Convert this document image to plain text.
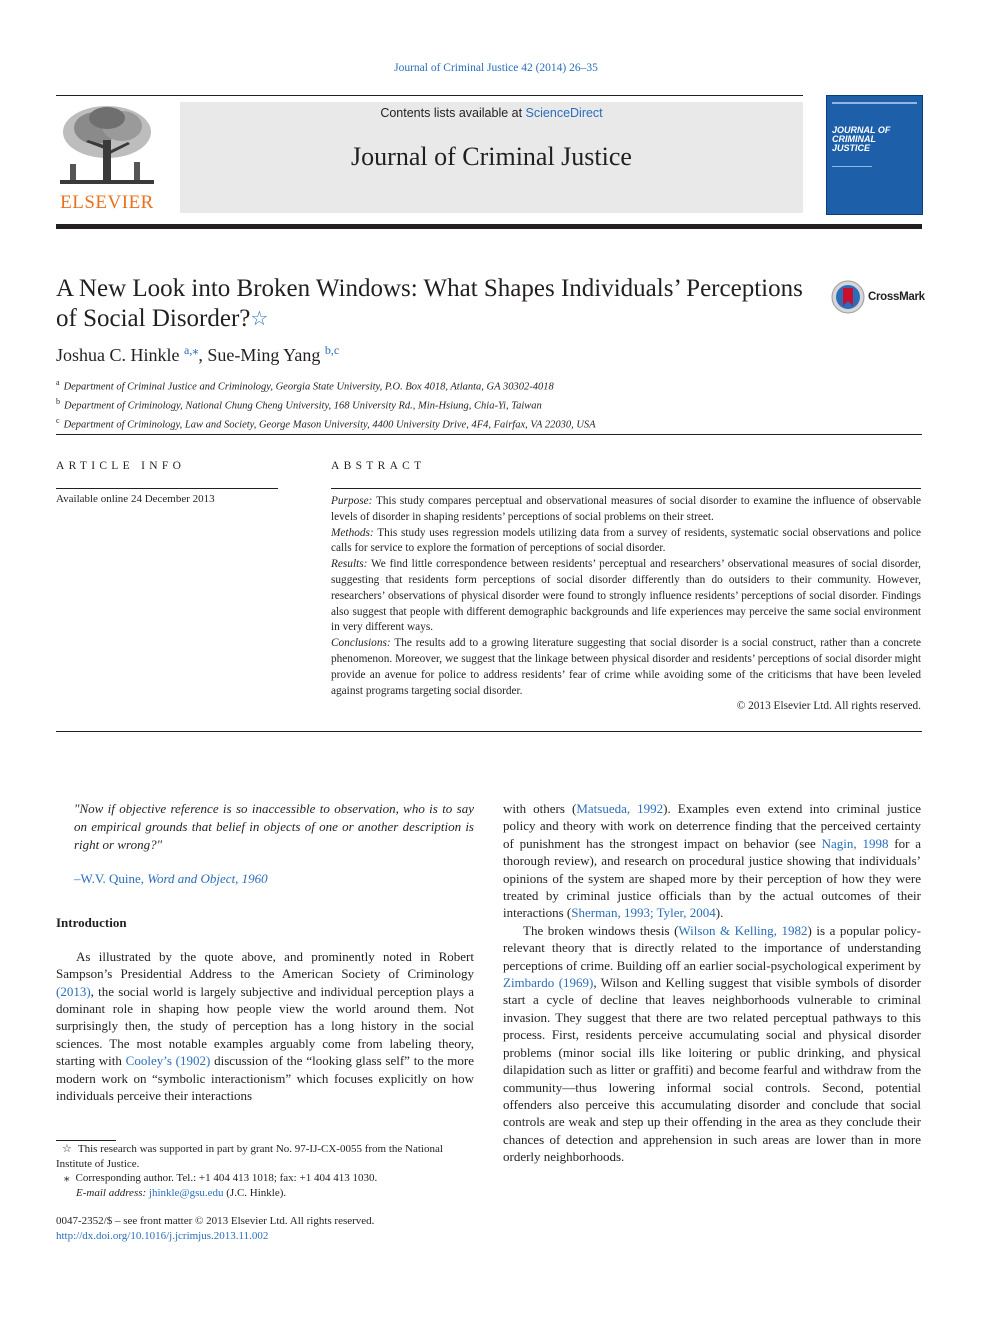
Journal of Criminal Justice 42 (2014) 26–35
ELSEVIER
Contents lists available at ScienceDirect
Journal of Criminal Justice
JOURNAL OF CRIMINAL JUSTICE
A New Look into Broken Windows: What Shapes Individuals’ Perceptions of Social Disorder?☆
CrossMark
Joshua C. Hinkle $^{a,⁎}$, Sue-Ming Yang $^{b,c}$
$^a$ Department of Criminal Justice and Criminology, Georgia State University, P.O. Box 4018, Atlanta, GA 30302-4018
$^b$ Department of Criminology, National Chung Cheng University, 168 University Rd., Min-Hsiung, Chia-Yi, Taiwan
$^c$ Department of Criminology, Law and Society, George Mason University, 4400 University Drive, 4F4, Fairfax, VA 22030, USA
ARTICLE INFO
Available online 24 December 2013
ABSTRACT

Purpose: This study compares perceptual and observational measures of social disorder to examine the influence of observable levels of disorder in shaping residents’ perceptions of social problems on their street.

Methods: This study uses regression models utilizing data from a survey of residents, systematic social observations and police calls for service to explore the formation of perceptions of social disorder.

Results: We find little correspondence between residents’ perceptual and researchers’ observational measures of social disorder, suggesting that residents form perceptions of social disorder differently than do outsiders to their community. However, researchers’ observations of physical disorder were found to strongly influence residents’ perceptions of social disorder. Findings also suggest that people with different demographic backgrounds and life experiences may perceive the same social environment in very different ways.

Conclusions: The results add to a growing literature suggesting that social disorder is a social construct, rather than a concrete phenomenon. Moreover, we suggest that the linkage between physical disorder and residents’ perceptions of social disorder might provide an avenue for police to address residents’ fear of crime while avoiding some of the criticisms that have been leveled against programs targeting social disorder.

© 2013 Elsevier Ltd. All rights reserved.

"Now if objective reference is so inaccessible to observation, who is to say on empirical grounds that belief in objects of one or another description is right or wrong?"

–W.V. Quine, Word and Object, 1960

Introduction

As illustrated by the quote above, and prominently noted in Robert Sampson’s Presidential Address to the American Society of Criminology (2013), the social world is largely subjective and individual perception plays a dominant role in shaping how people view the world around them. Not surprisingly then, the study of perception has a long history in the social sciences. The most notable examples arguably come from labeling theory, starting with Cooley’s (1902) discussion of the “looking glass self” to the more modern work on “symbolic interactionism” which focuses explicitly on how individuals perceive their interactions

with others (Matsueda, 1992). Examples even extend into criminal justice policy and theory with work on deterrence finding that the perceived certainty of punishment has the strongest impact on behavior (see Nagin, 1998 for a thorough review), and research on procedural justice showing that individuals’ opinions of the system are shaped more by their perception of how they were treated by criminal justice officials than by the actual outcomes of their interactions (Sherman, 1993; Tyler, 2004).

The broken windows thesis (Wilson & Kelling, 1982) is a popular policy-relevant theory that is directly related to the importance of understanding perceptions of crime. Building off an earlier social-psychological experiment by Zimbardo (1969), Wilson and Kelling suggest that visible symbols of disorder start a cycle of decline that leaves neighborhoods vulnerable to criminal invasion. They suggest that there are two related perceptual pathways to this process. First, residents perceive accumulating social and physical disorder problems (minor social ills like loitering or public drinking, and physical dilapidation such as litter or graffiti) and become fearful and withdraw from the community—thus lowering informal social controls. Second, potential offenders also perceive this accumulating disorder and conclude that social controls are weak and step up their offending in the area as they conclude their chances of detection and apprehension in such areas are lower than in more orderly neighborhoods.

☆ This research was supported in part by grant No. 97-IJ-CX-0055 from the National Institute of Justice.

⁎ Corresponding author. Tel.: +1 404 413 1018; fax: +1 404 413 1030.

E-mail address: jhinkle@gsu.edu (J.C. Hinkle).

0047-2352/$ – see front matter © 2013 Elsevier Ltd. All rights reserved.
http://dx.doi.org/10.1016/j.jcrimjus.2013.11.002
